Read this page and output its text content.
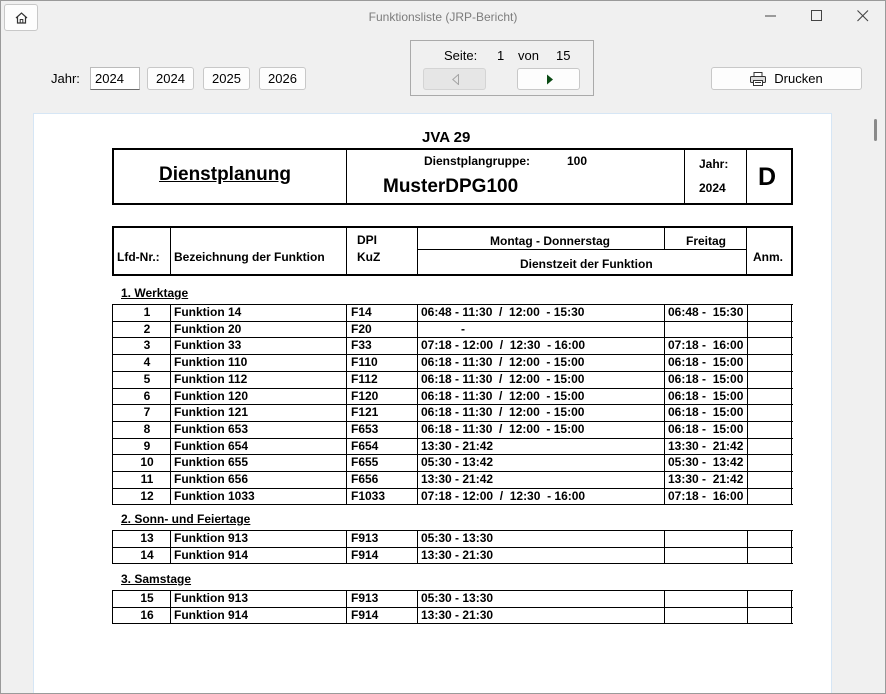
Funktionsliste (JRP-Bericht)
Jahr:	2024	2024	2025	2026
Seite: 1 von 15
Drucken
JVA 29
Dienstplanung
Dienstplangruppe:	100
MusterDPG100
Jahr:
2024 D
Lfd-Nr.: Bezeichnung der Funktion
DPI
KuZ
Montag - Donnerstag	Freitag
Dienstzeit der Funktion	Anm.
1. Werktage
1	Funktion 14	F14	06:48 - 11:30  /  12:00  - 15:30	06:48 -  15:30
2	Funktion 20	F20	-
3	Funktion 33	F33	07:18 - 12:00  /  12:30  - 16:00	07:18 -  16:00
4	Funktion 110	F110	06:18 - 11:30  /  12:00  - 15:00	06:18 -  15:00
5	Funktion 112	F112	06:18 - 11:30  /  12:00  - 15:00	06:18 -  15:00
6	Funktion 120	F120	06:18 - 11:30  /  12:00  - 15:00	06:18 -  15:00
7	Funktion 121	F121	06:18 - 11:30  /  12:00  - 15:00	06:18 -  15:00
8	Funktion 653	F653	06:18 - 11:30  /  12:00  - 15:00	06:18 -  15:00
9	Funktion 654	F654	13:30 - 21:42	13:30 -  21:42
10	Funktion 655	F655	05:30 - 13:42	05:30 -  13:42
11	Funktion 656	F656	13:30 - 21:42	13:30 -  21:42
12	Funktion 1033	F1033	07:18 - 12:00  /  12:30  - 16:00	07:18 -  16:00
2. Sonn- und Feiertage
13	Funktion 913	F913	05:30 - 13:30
14	Funktion 914	F914	13:30 - 21:30
3. Samstage
15	Funktion 913	F913	05:30 - 13:30
16	Funktion 914	F914	13:30 - 21:30
